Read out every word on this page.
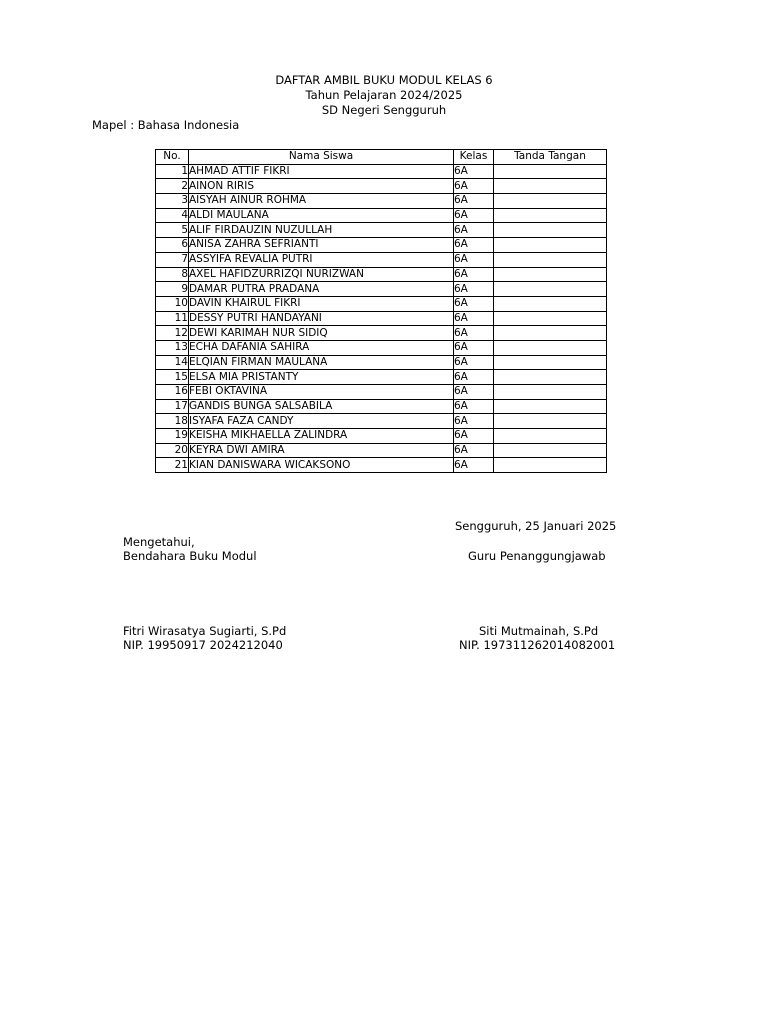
DAFTAR AMBIL BUKU MODUL KELAS 6
Tahun Pelajaran 2024/2025
SD Negeri Sengguruh
Mapel : Bahasa Indonesia
No.	Nama Siswa	Kelas	Tanda Tangan
1	AHMAD ATTIF FIKRI	6A	
2	AINON RIRIS	6A	
3	AISYAH AINUR ROHMA	6A	
4	ALDI MAULANA	6A	
5	ALIF FIRDAUZIN NUZULLAH	6A	
6	ANISA ZAHRA SEFRIANTI	6A	
7	ASSYIFA REVALIA PUTRI	6A	
8	AXEL HAFIDZURRIZQI NURIZWAN	6A	
9	DAMAR PUTRA PRADANA	6A	
10	DAVIN KHAIRUL FIKRI	6A	
11	DESSY PUTRI HANDAYANI	6A	
12	DEWI KARIMAH NUR SIDIQ	6A	
13	ECHA DAFANIA SAHIRA	6A	
14	ELQIAN FIRMAN MAULANA	6A	
15	ELSA MIA PRISTANTY	6A	
16	FEBI OKTAVINA	6A	
17	GANDIS BUNGA SALSABILA	6A	
18	ISYAFA FAZA CANDY	6A	
19	KEISHA MIKHAELLA ZALINDRA	6A	
20	KEYRA DWI AMIRA	6A	
21	KIAN DANISWARA WICAKSONO	6A	
Sengguruh, 25 Januari 2025
Mengetahui,
Bendahara Buku Modul	Guru Penanggungjawab
Fitri Wirasatya Sugiarti, S.Pd
NIP. 19950917 2024212040
Siti Mutmainah, S.Pd
NIP. 197311262014082001
